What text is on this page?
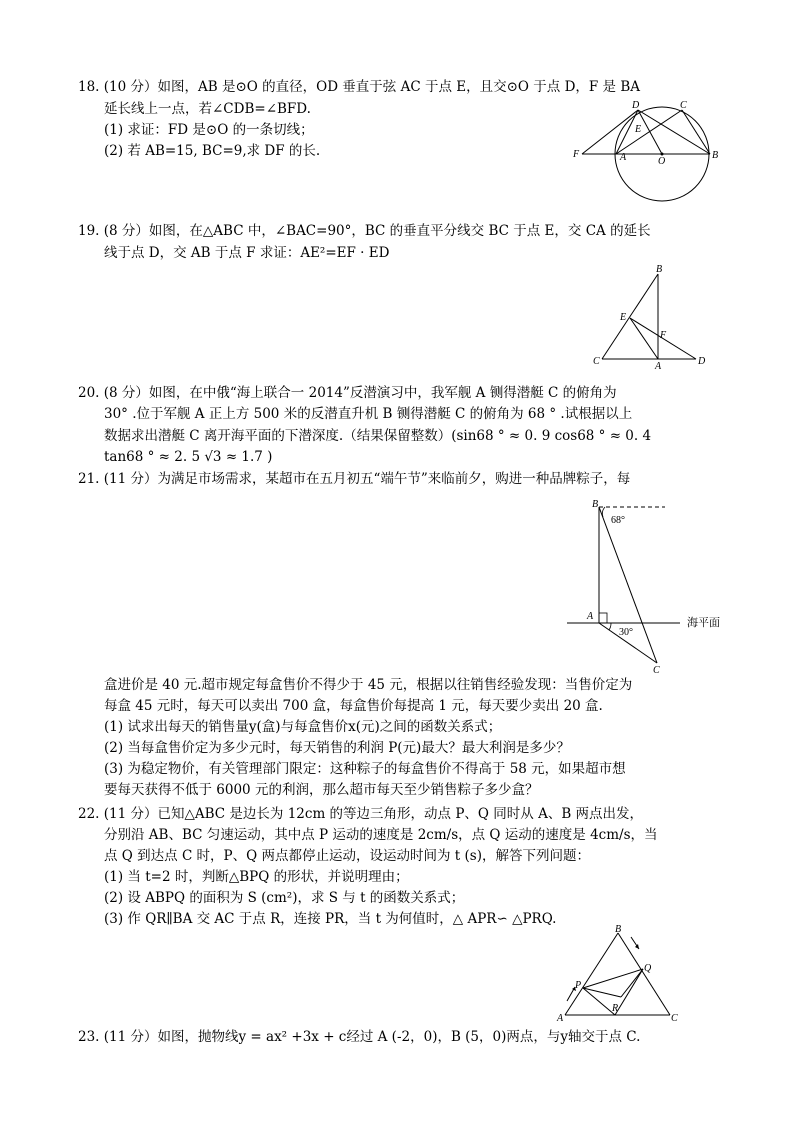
18. (10 分）如图，AB 是⊙O 的直径，OD 垂直于弦 AC 于点 E，且交⊙O 于点 D，F 是 BA
延长线上一点，若∠CDB=∠BFD.
(1) 求证：FD 是⊙O 的一条切线；
(2) 若 AB=15, BC=9,求 DF 的长.
D	C
E
F	A	O
B
19. (8 分）如图，在△ABC 中，∠BAC=90°，BC 的垂直平分线交 BC 于点 E，交 CA 的延长
线于点 D，交 AB 于点 F 求证：AE²=EF · ED
B
E
F
C	A	D
20. (8 分）如图，在中俄“海上联合一 2014”反潜演习中，我军舰 A 铡得潜艇 C 的俯角为
30° .位于军舰 A 正上方 500 米的反潜直升机 B 铡得潜艇 C 的俯角为 68 ° .试根据以上
数据求出潜艇 C 离开海平面的下潜深度.（结果保留整数）(sin68 ° ≈ 0. 9 cos68 ° ≈ 0. 4
tan68 ° ≈ 2. 5 √3 ≈ 1.7 )
21. (11 分）为满足市场需求，某超市在五月初五“端午节”来临前夕，购进一种品牌粽子，每
B
A
C
68°
30°
海平面
盒进价是 40 元.超市规定每盒售价不得少于 45 元，根据以往销售经验发现：当售价定为
每盒 45 元时，每天可以卖出 700 盒，每盒售价每提高 1 元，每天要少卖出 20 盒.
(1) 试求出每天的销售量y(盒)与每盒售价x(元)之间的函数关系式；
(2) 当每盒售价定为多少元时，每天销售的利润 P(元)最大？最大利润是多少？
(3) 为稳定物价，有关管理部门限定：这种粽子的每盒售价不得高于 58 元，如果超市想
要每天获得不低于 6000 元的利润，那么超市每天至少销售粽子多少盒？
22. (11 分）已知△ABC 是边长为 12cm 的等边三角形，动点 P、Q 同时从 A、B 两点出发，
分别沿 AB、BC 匀速运动，其中点 P 运动的速度是 2cm/s，点 Q 运动的速度是 4cm/s，当
点 Q 到达点 C 时，P、Q 两点都停止运动，设运动时间为 t (s)，解答下列问题：
(1) 当 t=2 时，判断△BPQ 的形状，并说明理由；
(2) 设 ABPQ 的面积为 S (cm²)，求 S 与 t 的函数关系式；
(3) 作 QR∥BA 交 AC 于点 R，连接 PR，当 t 为何值时，△ APR∽ △PRQ.
B
Q
P
A
R
C
23. (11 分）如图，抛物线y = ax² +3x + c经过 A (-2，0)，B (5，0)两点，与y轴交于点 C.
